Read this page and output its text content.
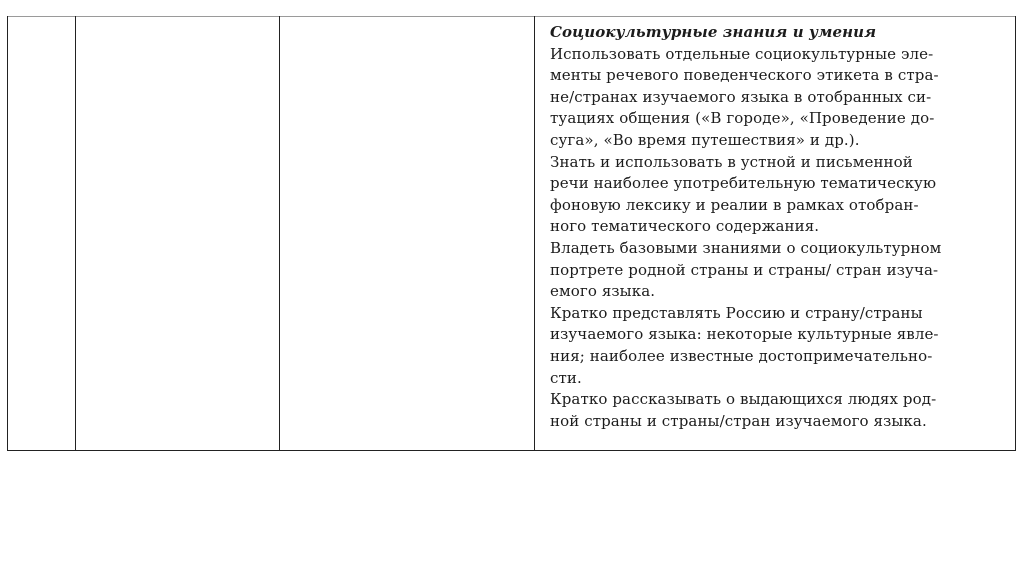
Социокультурные знания и умения
Использовать отдельные социокультурные эле-
менты речевого поведенческого этикета в стра-
не/странах изучаемого языка в отобранных си-
туациях общения («В городе», «Проведение до-
суга», «Во время путешествия» и др.).
Знать и использовать в устной и письменной
речи наиболее употребительную тематическую
фоновую лексику и реалии в рамках отобран-
ного тематического содержания.
Владеть базовыми знаниями о социокультурном
портрете родной страны и страны/ стран изуча-
емого языка.
Кратко представлять Россию и страну/страны
изучаемого языка: некоторые культурные явле-
ния; наиболее известные достопримечательно-
сти.
Кратко рассказывать о выдающихся людях род-
ной страны и страны/стран изучаемого языка.
